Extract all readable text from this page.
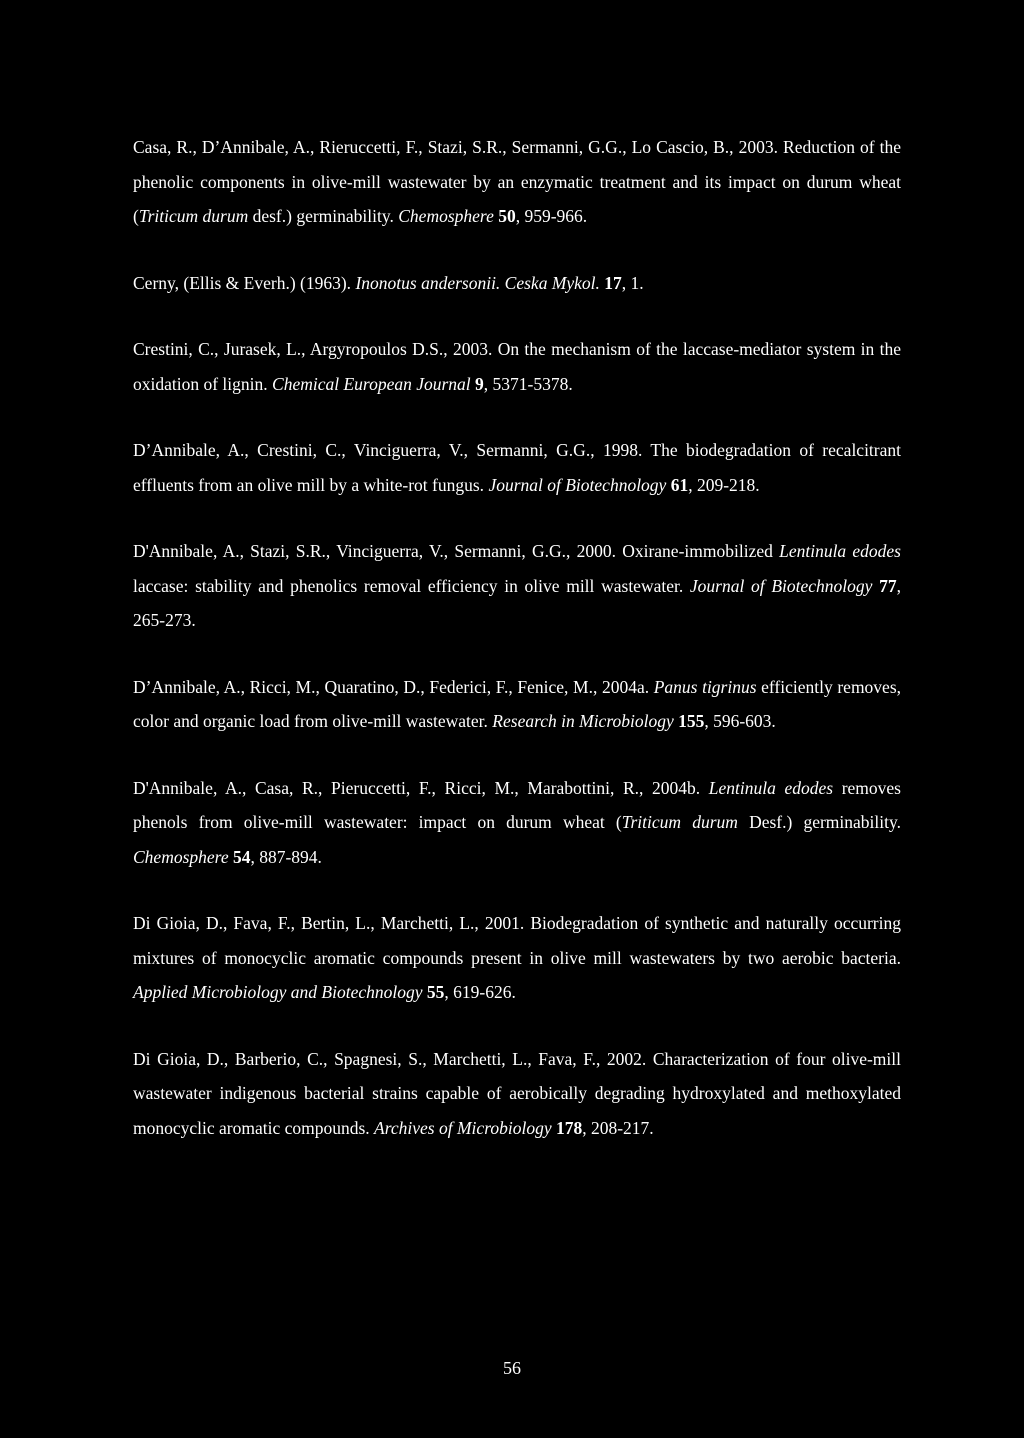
Casa, R., D’Annibale, A., Rieruccetti, F., Stazi, S.R., Sermanni, G.G., Lo Cascio, B., 2003. Reduction of the phenolic components in olive-mill wastewater by an enzymatic treatment and its impact on durum wheat (Triticum durum desf.) germinability. Chemosphere 50, 959-966.

Cerny, (Ellis & Everh.) (1963). Inonotus andersonii. Ceska Mykol. 17, 1.

Crestini, C., Jurasek, L., Argyropoulos D.S., 2003. On the mechanism of the laccase-mediator system in the oxidation of lignin. Chemical European Journal 9, 5371-5378.

D’Annibale, A., Crestini, C., Vinciguerra, V., Sermanni, G.G., 1998. The biodegradation of recalcitrant effluents from an olive mill by a white-rot fungus. Journal of Biotechnology 61, 209-218.

D'Annibale, A., Stazi, S.R., Vinciguerra, V., Sermanni, G.G., 2000. Oxirane-immobilized Lentinula edodes laccase: stability and phenolics removal efficiency in olive mill wastewater. Journal of Biotechnology 77, 265-273.

D’Annibale, A., Ricci, M., Quaratino, D., Federici, F., Fenice, M., 2004a. Panus tigrinus efficiently removes, color and organic load from olive-mill wastewater. Research in Microbiology 155, 596-603.

D'Annibale, A., Casa, R., Pieruccetti, F., Ricci, M., Marabottini, R., 2004b. Lentinula edodes removes phenols from olive-mill wastewater: impact on durum wheat (Triticum durum Desf.) germinability. Chemosphere 54, 887-894.

Di Gioia, D., Fava, F., Bertin, L., Marchetti, L., 2001. Biodegradation of synthetic and naturally occurring mixtures of monocyclic aromatic compounds present in olive mill wastewaters by two aerobic bacteria. Applied Microbiology and Biotechnology 55, 619-626.

Di Gioia, D., Barberio, C., Spagnesi, S., Marchetti, L., Fava, F., 2002. Characterization of four olive-mill wastewater indigenous bacterial strains capable of aerobically degrading hydroxylated and methoxylated monocyclic aromatic compounds. Archives of Microbiology 178, 208-217.

56
